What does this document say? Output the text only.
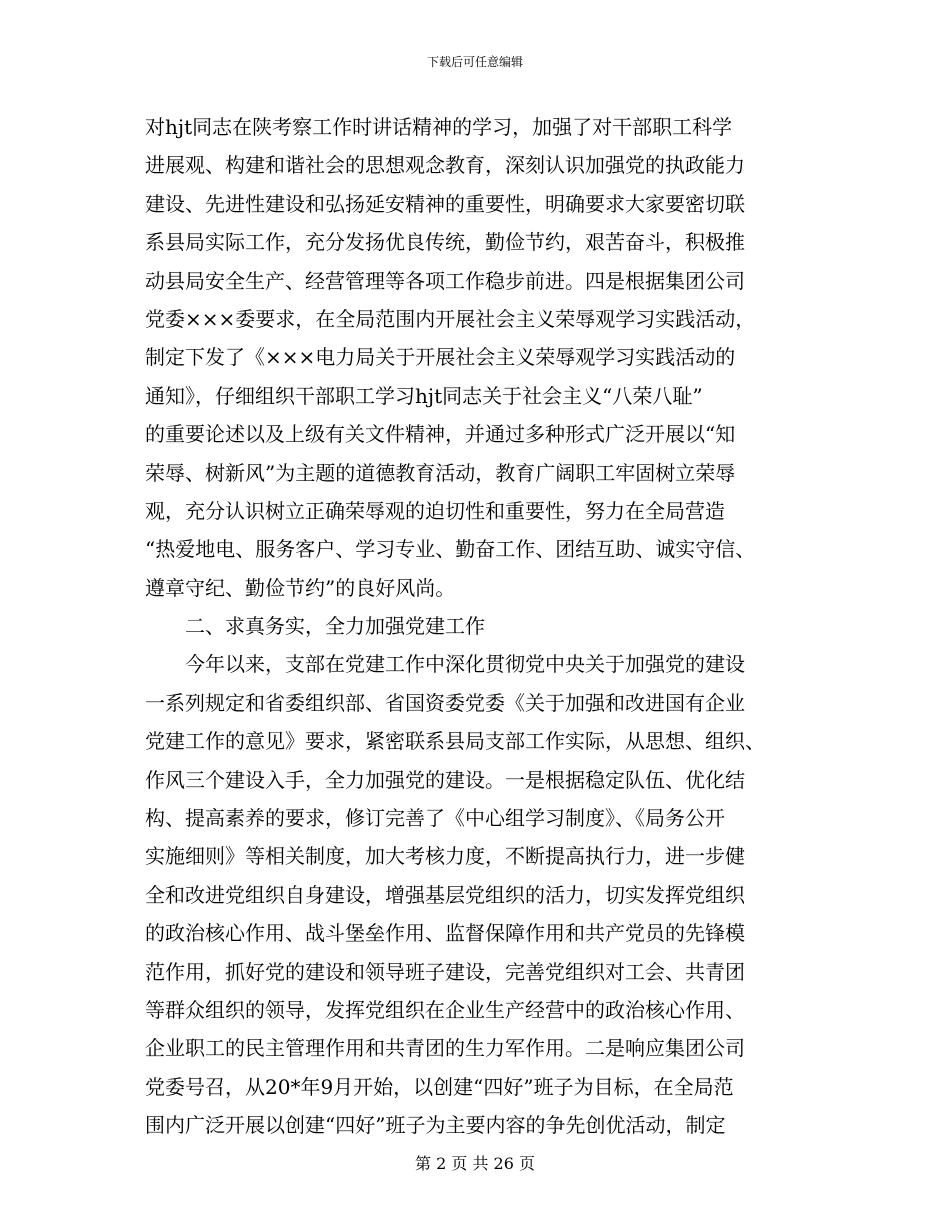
下载后可任意编辑
对hjt同志在陕考察工作时讲话精神的学习，加强了对干部职工科学
进展观、构建和谐社会的思想观念教育，深刻认识加强党的执政能力
建设、先进性建设和弘扬延安精神的重要性，明确要求大家要密切联
系县局实际工作，充分发扬优良传统，勤俭节约，艰苦奋斗，积极推
动县局安全生产、经营管理等各项工作稳步前进。四是根据集团公司
党委×××委要求，在全局范围内开展社会主义荣辱观学习实践活动，
制定下发了《×××电力局关于开展社会主义荣辱观学习实践活动的
通知》，仔细组织干部职工学习hjt同志关于社会主义“八荣八耻”
的重要论述以及上级有关文件精神，并通过多种形式广泛开展以“知
荣辱、树新风”为主题的道德教育活动，教育广阔职工牢固树立荣辱
观，充分认识树立正确荣辱观的迫切性和重要性，努力在全局营造
“热爱地电、服务客户、学习专业、勤奋工作、团结互助、诚实守信、
遵章守纪、勤俭节约”的良好风尚。
二、求真务实，全力加强党建工作
今年以来，支部在党建工作中深化贯彻党中央关于加强党的建设
一系列规定和省委组织部、省国资委党委《关于加强和改进国有企业
党建工作的意见》要求，紧密联系县局支部工作实际，从思想、组织、
作风三个建设入手，全力加强党的建设。一是根据稳定队伍、优化结
构、提高素养的要求，修订完善了《中心组学习制度》、《局务公开
实施细则》等相关制度，加大考核力度，不断提高执行力，进一步健
全和改进党组织自身建设，增强基层党组织的活力，切实发挥党组织
的政治核心作用、战斗堡垒作用、监督保障作用和共产党员的先锋模
范作用，抓好党的建设和领导班子建设，完善党组织对工会、共青团
等群众组织的领导，发挥党组织在企业生产经营中的政治核心作用、
企业职工的民主管理作用和共青团的生力军作用。二是响应集团公司
党委号召，从20*年9月开始，以创建“四好”班子为目标，在全局范
围内广泛开展以创建“四好”班子为主要内容的争先创优活动，制定
第 2 页 共 26 页
